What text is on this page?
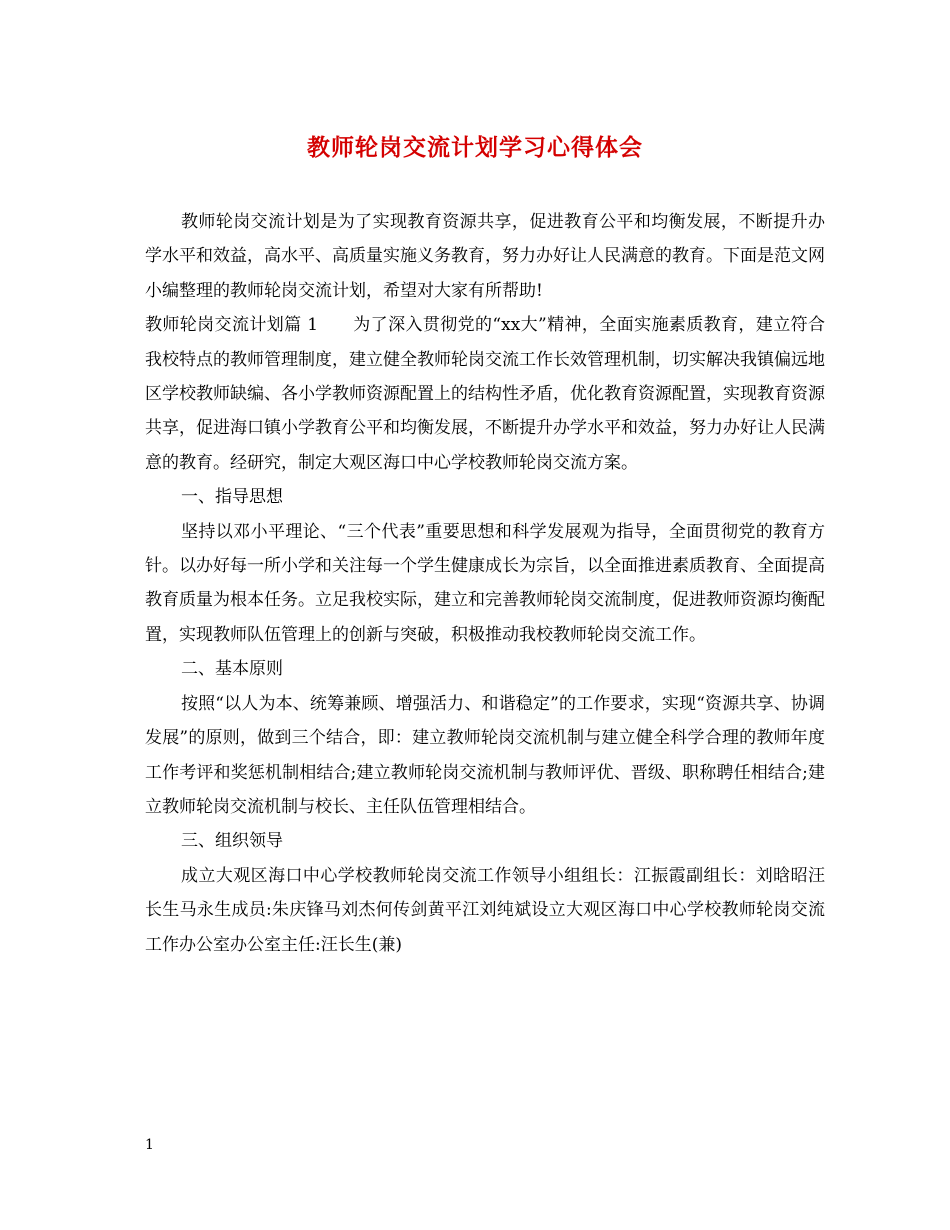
教师轮岗交流计划学习心得体会

教师轮岗交流计划是为了实现教育资源共享，促进教育公平和均衡发展，不断提升办学水平和效益，高水平、高质量实施义务教育，努力办好让人民满意的教育。下面是范文网小编整理的教师轮岗交流计划，希望对大家有所帮助!

教师轮岗交流计划篇 1　　为了深入贯彻党的“xx大”精神，全面实施素质教育，建立符合我校特点的教师管理制度，建立健全教师轮岗交流工作长效管理机制，切实解决我镇偏远地区学校教师缺编、各小学教师资源配置上的结构性矛盾，优化教育资源配置，实现教育资源共享，促进海口镇小学教育公平和均衡发展，不断提升办学水平和效益，努力办好让人民满意的教育。经研究，制定大观区海口中心学校教师轮岗交流方案。

一、指导思想

坚持以邓小平理论、“三个代表”重要思想和科学发展观为指导，全面贯彻党的教育方针。以办好每一所小学和关注每一个学生健康成长为宗旨，以全面推进素质教育、全面提高教育质量为根本任务。立足我校实际，建立和完善教师轮岗交流制度，促进教师资源均衡配置，实现教师队伍管理上的创新与突破，积极推动我校教师轮岗交流工作。

二、基本原则

按照“以人为本、统筹兼顾、增强活力、和谐稳定”的工作要求，实现“资源共享、协调发展”的原则，做到三个结合，即：建立教师轮岗交流机制与建立健全科学合理的教师年度工作考评和奖惩机制相结合;建立教师轮岗交流机制与教师评优、晋级、职称聘任相结合;建立教师轮岗交流机制与校长、主任队伍管理相结合。

三、组织领导

成立大观区海口中心学校教师轮岗交流工作领导小组组长：江振霞副组长：刘晗昭汪长生马永生成员:朱庆锋马刘杰何传剑黄平江刘纯斌设立大观区海口中心学校教师轮岗交流工作办公室办公室主任:汪长生(兼)

1
